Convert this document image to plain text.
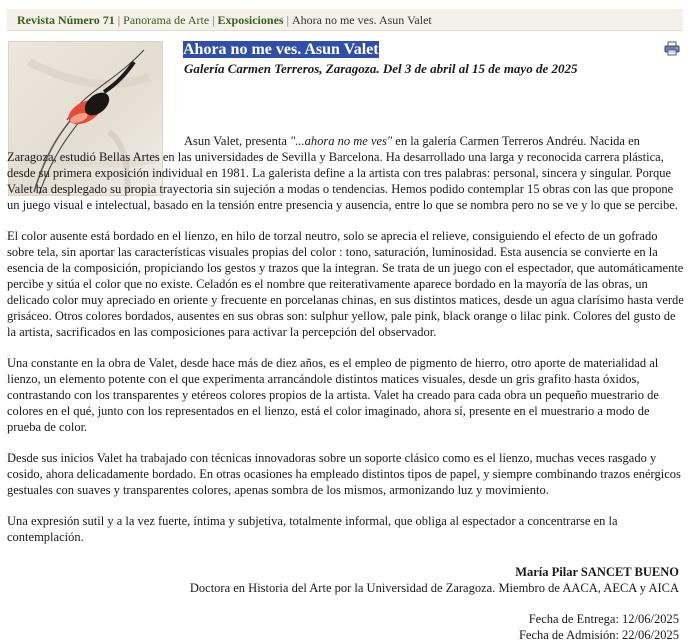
Revista Número 71 | Panorama de Arte | Exposiciones | Ahora no me ves. Asun Valet
Ahora no me ves. Asun Valet
Galería Carmen Terreros, Zaragoza. Del 3 de abril al 15 de mayo de 2025

Asun Valet, presenta "...ahora no me ves" en la galería Carmen Terreros Andréu. Nacida en Zaragoza, estudió Bellas Artes en las universidades de Sevilla y Barcelona. Ha desarrollado una larga y reconocida carrera plástica, desde su primera exposición individual en 1981. La galerista define a la artista con tres palabras: personal, sincera y singular. Porque Valet ha desplegado su propia trayectoria sin sujeción a modas o tendencias. Hemos podido contemplar 15 obras con las que propone un juego visual e intelectual, basado en la tensión entre presencia y ausencia, entre lo que se nombra pero no se ve y lo que se percibe.

El color ausente está bordado en el lienzo, en hilo de torzal neutro, solo se aprecia el relieve, consiguiendo el efecto de un gofrado sobre tela, sin aportar las características visuales propias del color : tono, saturación, luminosidad. Esta ausencia se convierte en la esencia de la composición, propiciando los gestos y trazos que la integran. Se trata de un juego con el espectador, que automáticamente percibe y sitúa el color que no existe. Celadón es el nombre que reiterativamente aparece bordado en la mayoría de las obras, un delicado color muy apreciado en oriente y frecuente en porcelanas chinas, en sus distintos matices, desde un agua clarísimo hasta verde grisáceo. Otros colores bordados, ausentes en sus obras son: sulphur yellow, pale pink, black orange o lilac pink. Colores del gusto de la artista, sacrificados en las composiciones para activar la percepción del observador.

Una constante en la obra de Valet, desde hace más de diez años, es el empleo de pigmento de hierro, otro aporte de materialidad al lienzo, un elemento potente con el que experimenta arrancándole distintos matices visuales, desde un gris grafito hasta óxidos, contrastando con los transparentes y etéreos colores propios de la artista. Valet ha creado para cada obra un pequeño muestrario de colores en el qué, junto con los representados en el lienzo, está el color imaginado, ahora sí, presente en el muestrario a modo de prueba de color.

Desde sus inicios Valet ha trabajado con técnicas innovadoras sobre un soporte clásico como es el lienzo, muchas veces rasgado y cosido, ahora delicadamente bordado. En otras ocasiones ha empleado distintos tipos de papel, y siempre combinando trazos enérgicos gestuales con suaves y transparentes colores, apenas sombra de los mismos, armonizando luz y movimiento.

Una expresión sutil y a la vez fuerte, íntima y subjetiva, totalmente informal, que obliga al espectador a concentrarse en la contemplación.

María Pilar SANCET BUENO
Doctora en Historia del Arte por la Universidad de Zaragoza. Miembro de AACA, AECA y AICA
Fecha de Entrega: 12/06/2025
Fecha de Admisión: 22/06/2025
